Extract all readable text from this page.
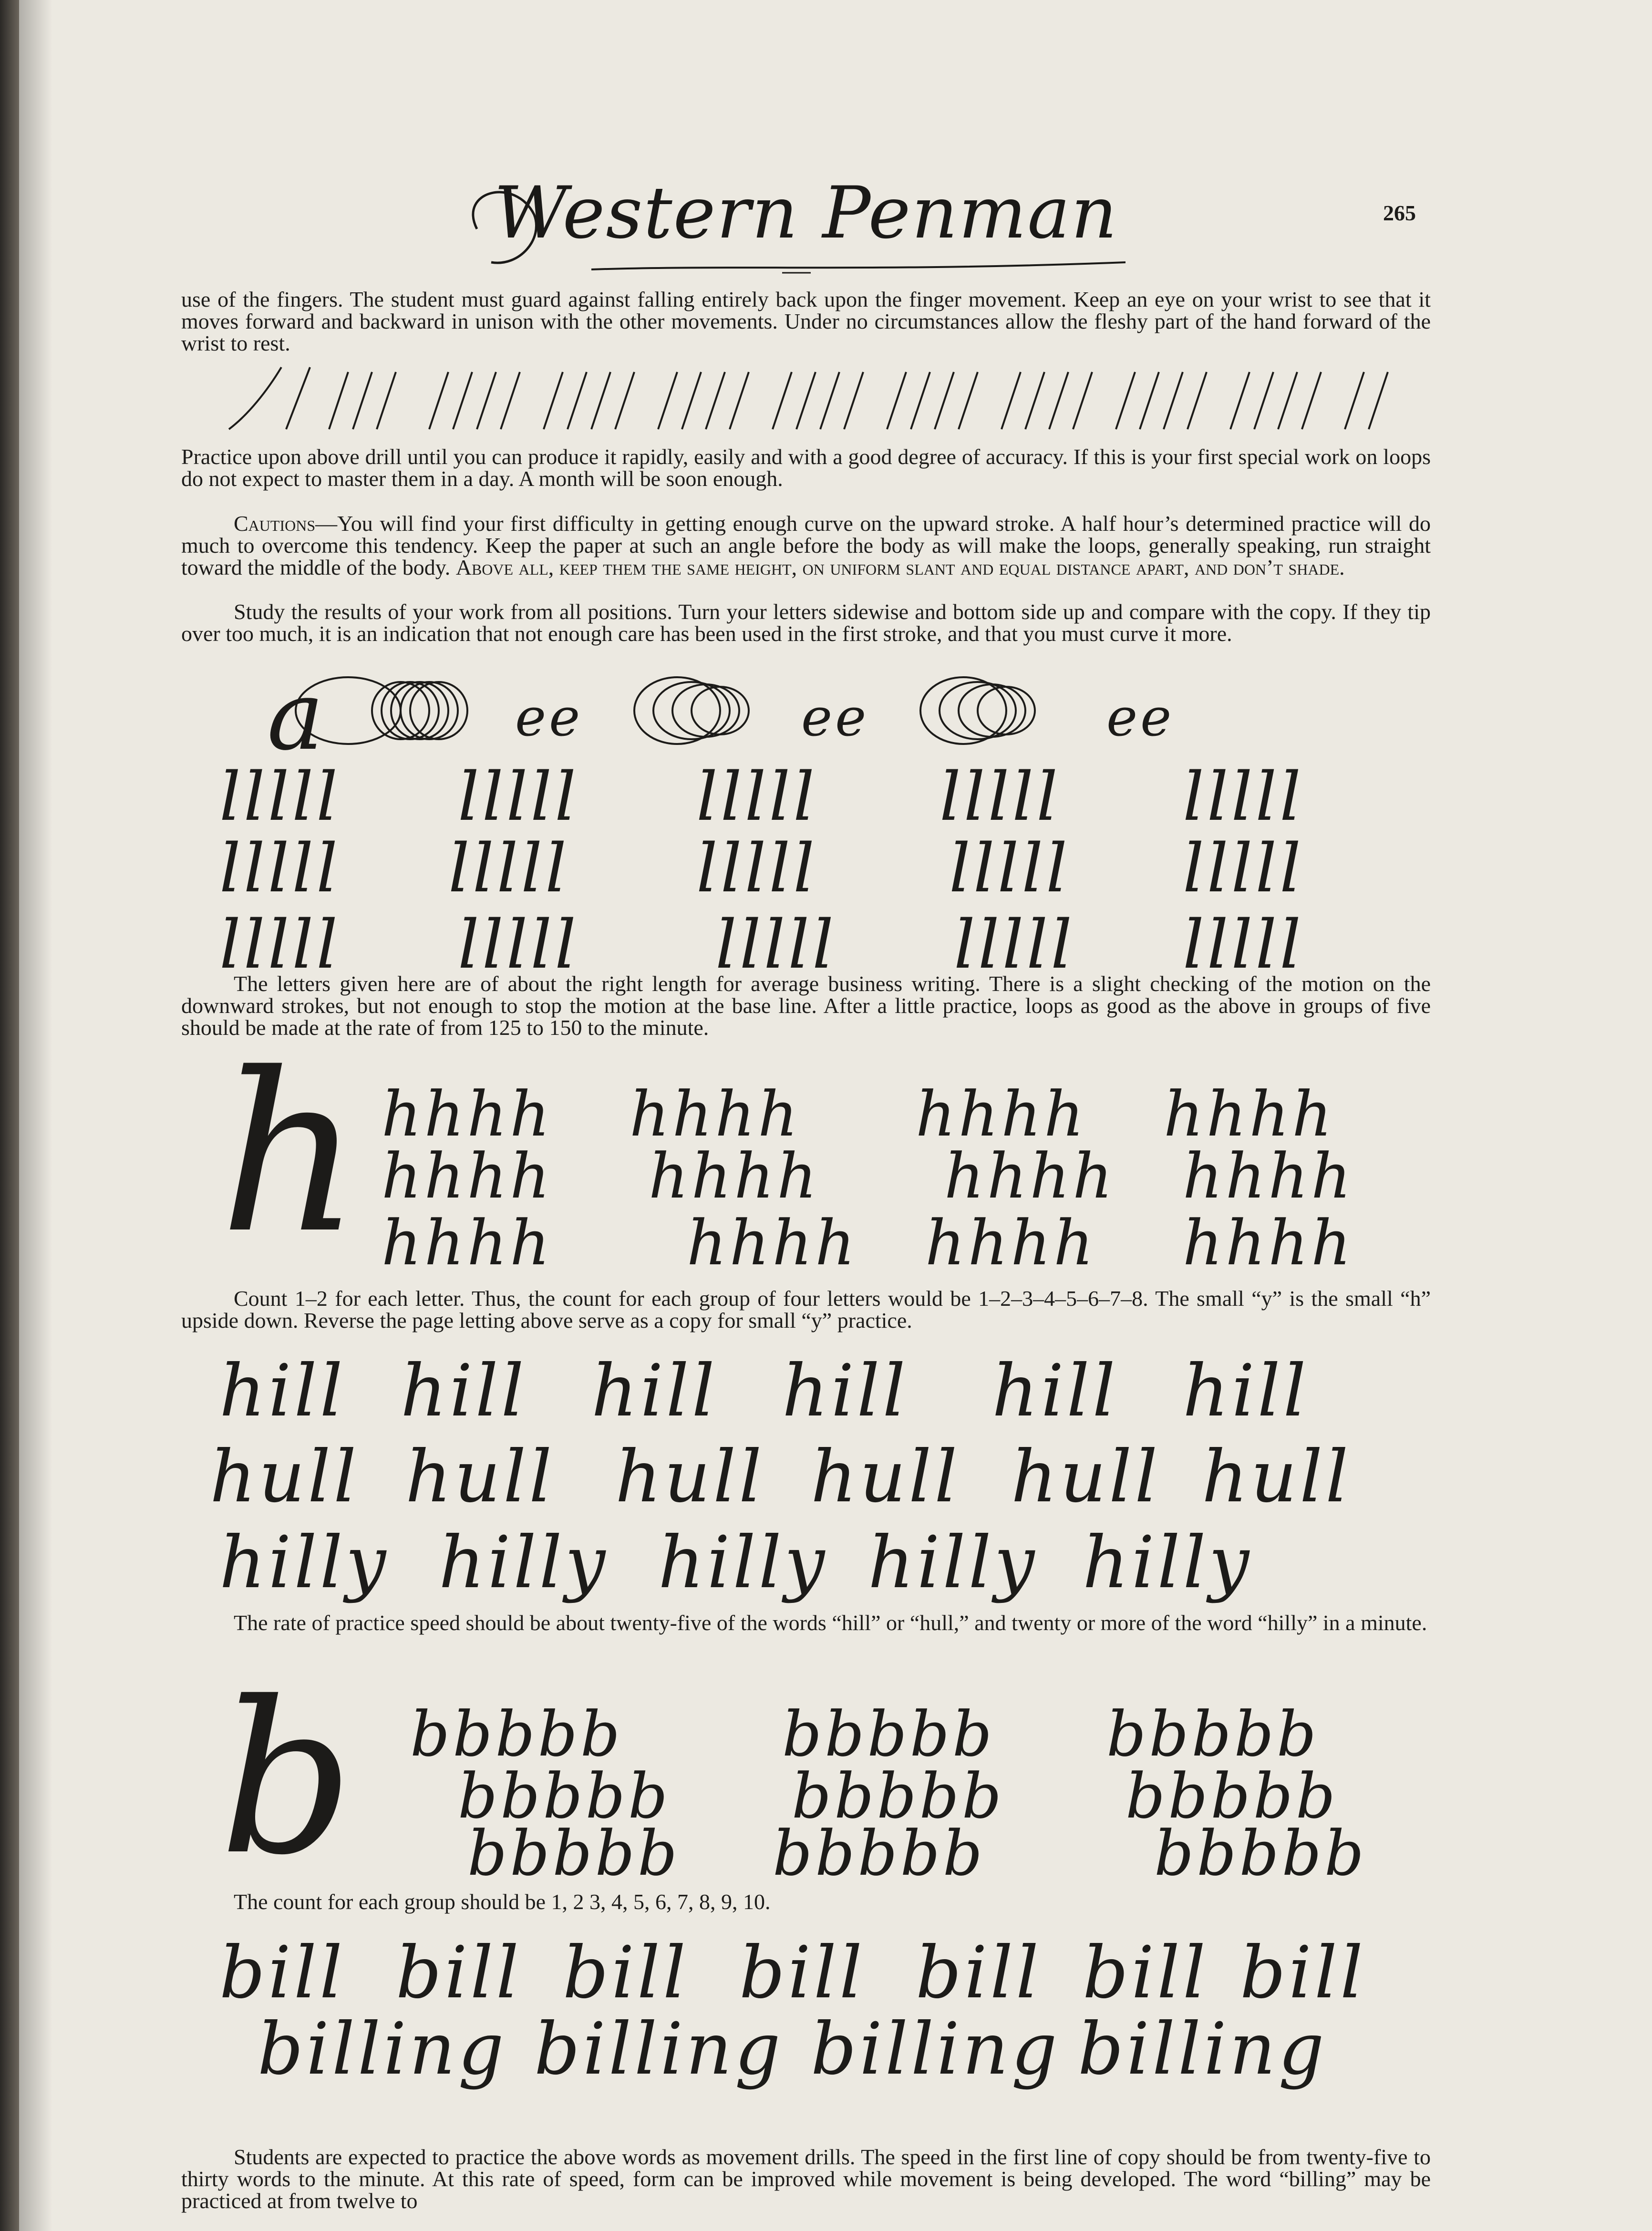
Western Penman	265

use of the fingers. The student must guard against falling entirely back upon the finger movement. Keep an eye on your wrist to see that it moves forward and backward in unison with the other movements. Under no circumstances allow the fleshy part of the hand forward of the wrist to rest.

Practice upon above drill until you can produce it rapidly, easily and with a good degree of accuracy. If this is your first special work on loops do not expect to master them in a day. A month will be soon enough.

Cautions—You will find your first difficulty in getting enough curve on the upward stroke. A half hour’s determined practice will do much to overcome this tendency. Keep the paper at such an angle before the body as will make the loops, generally speaking, run straight toward the middle of the body. Above all, keep them the same height, on uniform slant and equal distance apart, and don’t shade.

Study the results of your work from all positions. Turn your letters sidewise and bottom side up and compare with the copy. If they tip over too much, it is an indication that not enough care has been used in the first stroke, and that you must curve it more.

a	ee	ee	ee
lllll lllll lllll lllll lllll
lllll lllll lllll lllll lllll
lllll lllll lllll lllll lllll

The letters given here are of about the right length for average business writing. There is a slight checking of the motion on the downward strokes, but not enough to stop the motion at the base line. After a little practice, loops as good as the above in groups of five should be made at the rate of from 125 to 150 to the minute.

h hhhh hhhh hhhh hhhh
hhhh hhhh hhhh hhhh
hhhh hhhh hhhh hhhh

Count 1–2 for each letter. Thus, the count for each group of four letters would be 1–2–3–4–5–6–7–8. The small “y” is the small “h” upside down. Reverse the page letting above serve as a copy for small “y” practice.

hill hill hill hill hill hill
hull hull hull hull hull hull
hilly hilly hilly hilly hilly

The rate of practice speed should be about twenty-five of the words “hill” or “hull,” and twenty or more of the word “hilly” in a minute.

b bbbbb	bbbbb bbbbb
bbbbb bbbbb bbbbb
bbbbb bbbbb	bbbbb

The count for each group should be 1, 2 3, 4, 5, 6, 7, 8, 9, 10.

bill bill bill bill bill bill bill
billing billing billing billing

Students are expected to practice the above words as movement drills. The speed in the first line of copy should be from twenty-five to thirty words to the minute. At this rate of speed, form can be improved while movement is being developed. The word “billing” may be practiced at from twelve to
